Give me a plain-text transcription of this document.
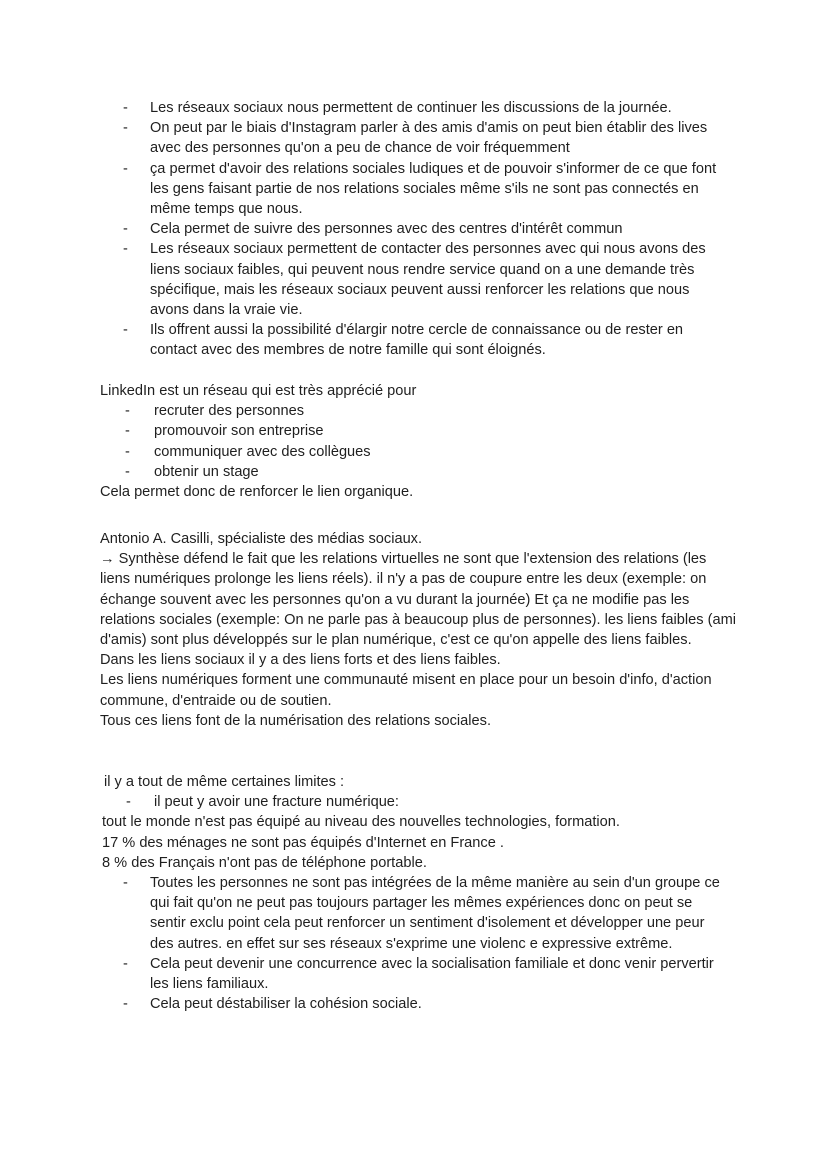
- Les réseaux sociaux nous permettent de continuer les discussions de la journée.
- On peut par le biais d'Instagram parler à des amis d'amis on peut bien établir des lives avec des personnes qu'on a peu de chance de voir fréquemment
- ça permet d'avoir des relations sociales ludiques et de pouvoir s'informer de ce que font les gens faisant partie de nos relations sociales même s'ils ne sont pas connectés en même temps que nous.
- Cela permet de suivre des personnes avec des centres d'intérêt commun
- Les réseaux sociaux permettent de contacter des personnes avec qui nous avons des liens sociaux faibles, qui peuvent nous rendre service quand on a une demande très spécifique, mais les réseaux sociaux peuvent aussi renforcer les relations que nous avons dans la vraie vie.
- Ils offrent aussi la possibilité d'élargir notre cercle de connaissance ou de rester en contact avec des membres de notre famille qui sont éloignés.

LinkedIn est un réseau qui est très apprécié pour

- recruter des personnes
- promouvoir son entreprise
- communiquer avec des collègues
- obtenir un stage

Cela permet donc de renforcer le lien organique.

Antonio A. Casilli, spécialiste des médias sociaux.

→ Synthèse défend le fait que les relations virtuelles ne sont que l'extension des relations (les liens numériques prolonge les liens réels). il n'y a pas de coupure entre les deux (exemple: on échange souvent avec les personnes qu'on a vu durant la journée) Et ça ne modifie pas les relations sociales (exemple: On ne parle pas à beaucoup plus de personnes). les liens faibles (ami d'amis) sont plus développés sur le plan numérique, c'est ce qu'on appelle des liens faibles.

Dans les liens sociaux il y a des liens forts et des liens faibles.

Les liens numériques forment une communauté misent en place pour un besoin d'info, d'action commune, d'entraide ou de soutien.

Tous ces liens font de la numérisation des relations sociales.

il y a tout de même certaines limites :

- il peut y avoir une fracture numérique:

tout le monde n'est pas équipé au niveau des nouvelles technologies, formation.

17 % des ménages ne sont pas équipés d'Internet en France .

8 % des Français n'ont pas de téléphone portable.

- Toutes les personnes ne sont pas intégrées de la même manière au sein d'un groupe ce qui fait qu'on ne peut pas toujours partager les mêmes expériences donc on peut se sentir exclu point cela peut renforcer un sentiment d'isolement et développer une peur des autres. en effet sur ses réseaux s'exprime une violenc e expressive extrême.
- Cela peut devenir une concurrence avec la socialisation familiale et donc venir pervertir les liens familiaux.
- Cela peut déstabiliser la cohésion sociale.
